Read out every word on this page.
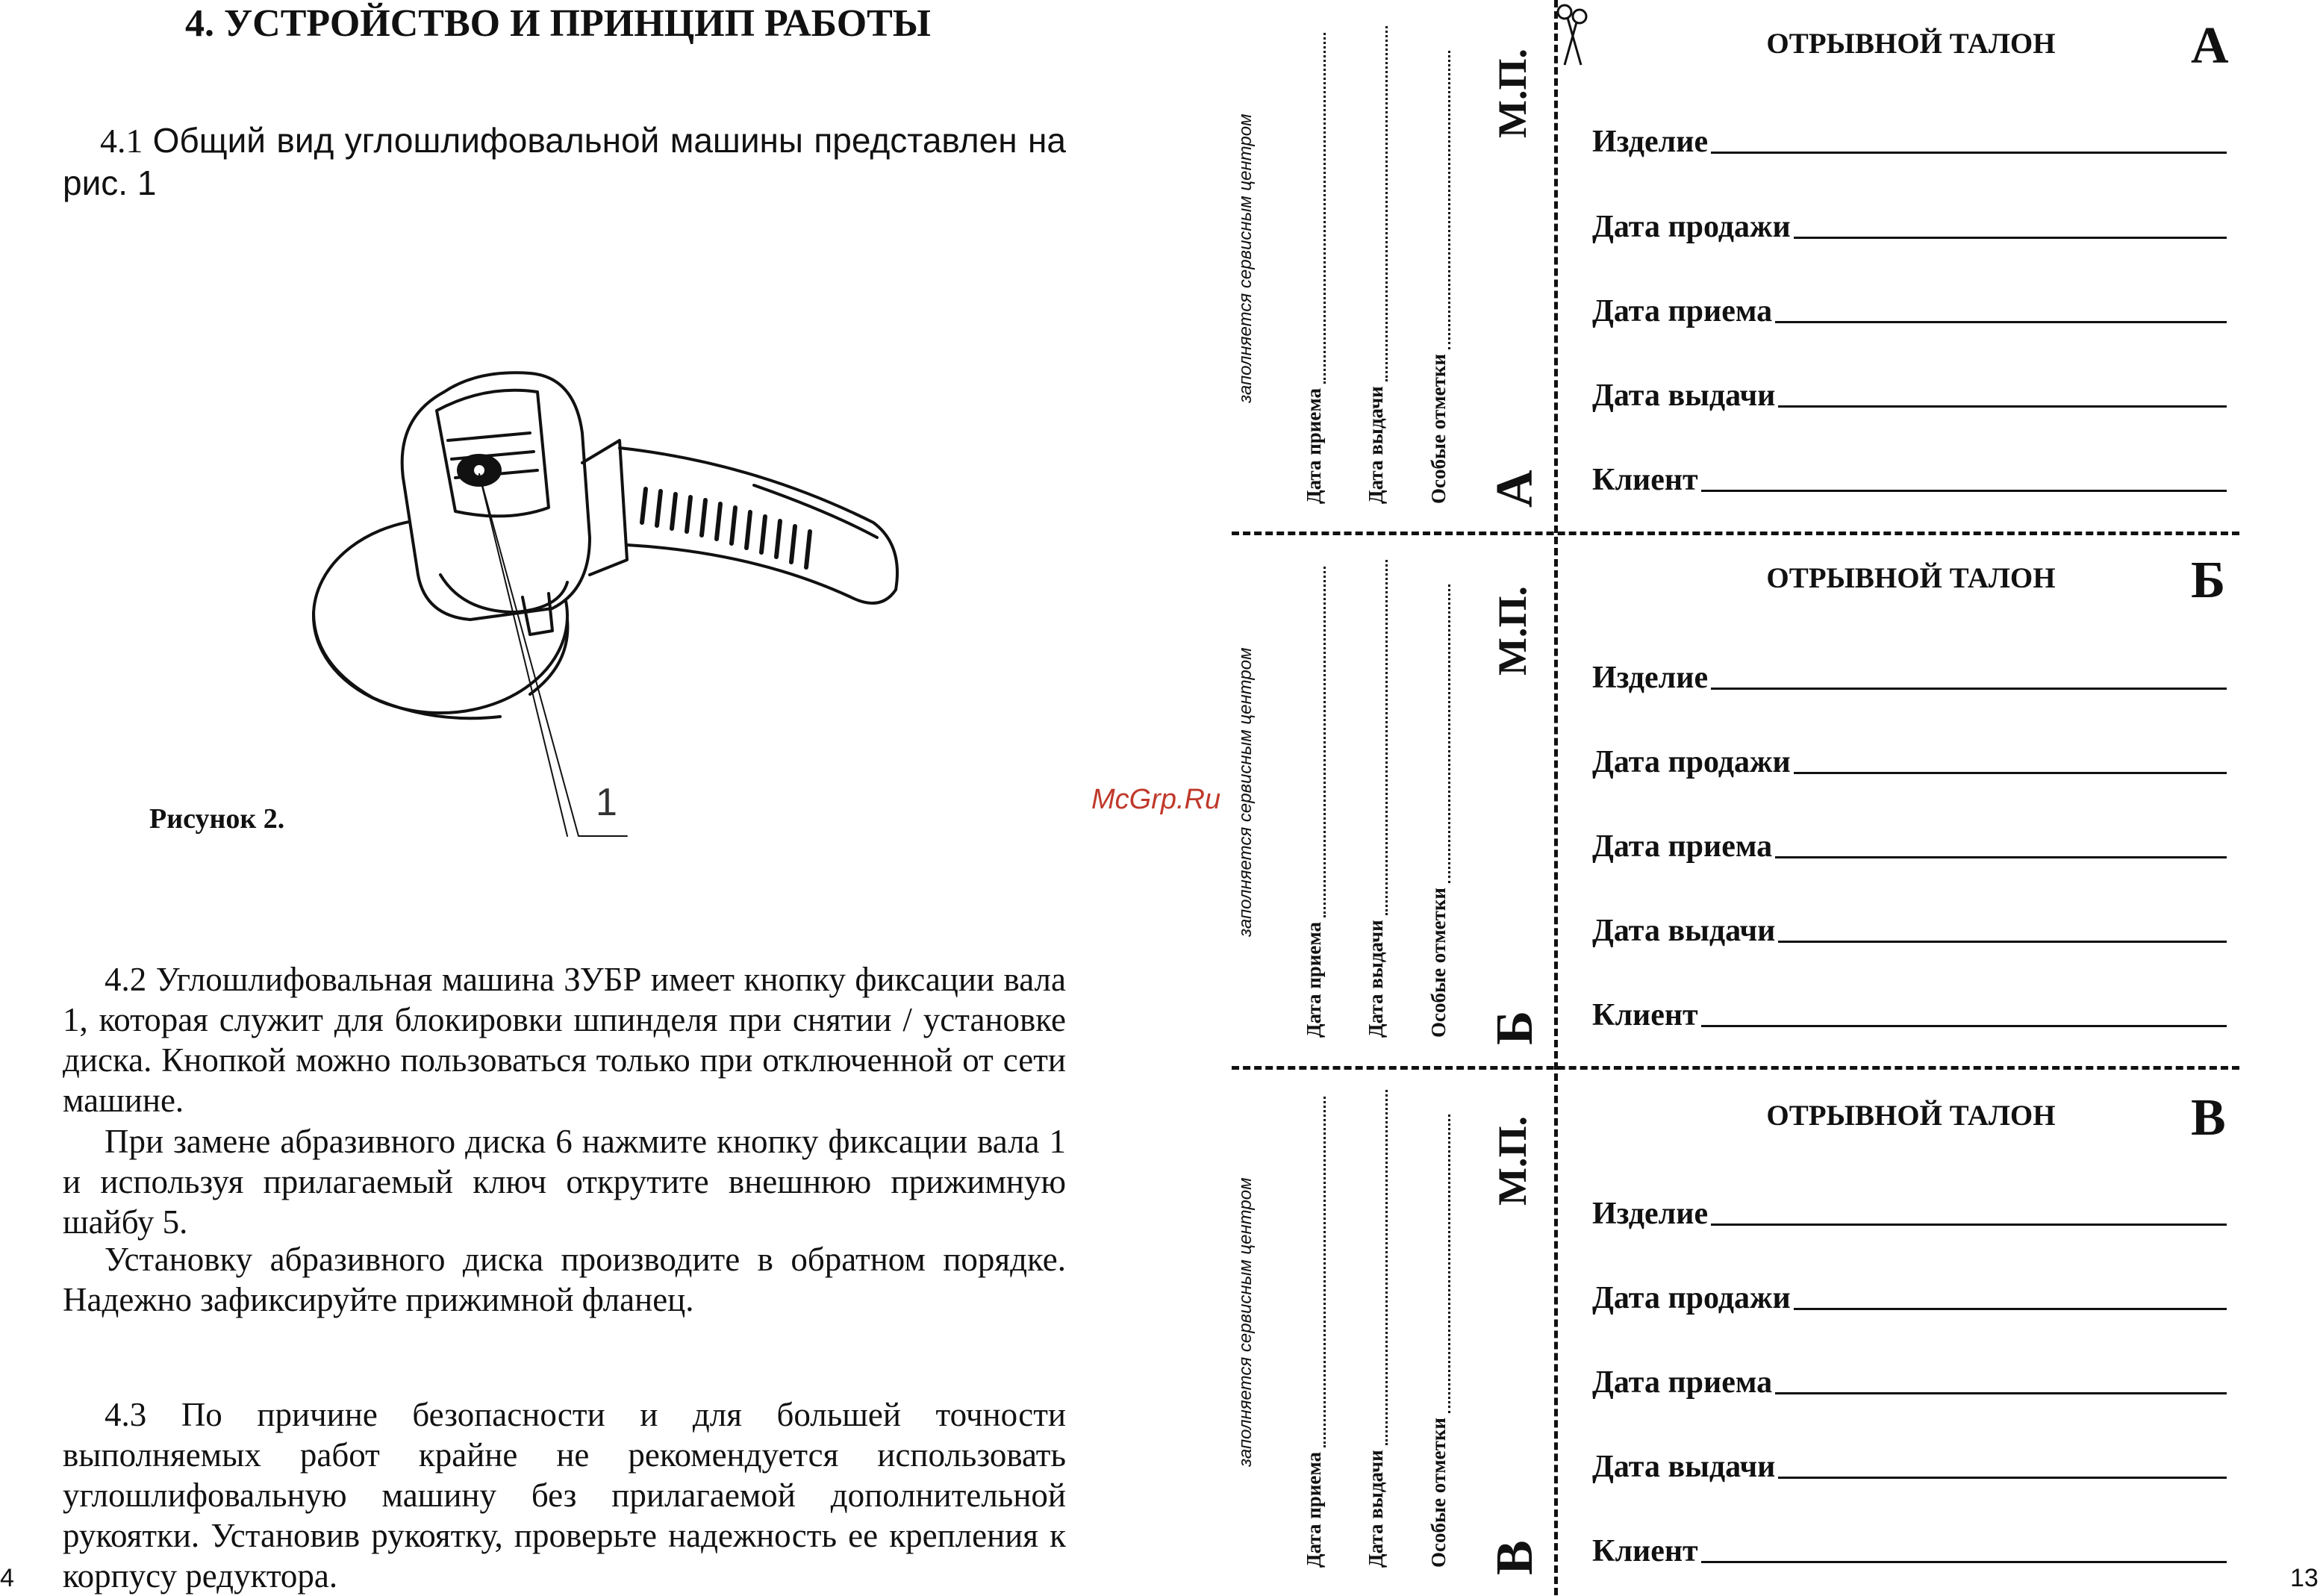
4. УСТРОЙСТВО И ПРИНЦИП РАБОТЫ
4.1 Общий вид углошлифовальной машины представлен на рис. 1
1
Рисунок 2.
4.2 Углошлифовальная машина ЗУБР имеет кнопку фиксации вала 1, которая служит для блокировки шпинделя при снятии / установке диска. Кнопкой можно пользоваться только при отключенной от сети машине.
При замене абразивного диска 6 нажмите кнопку фиксации вала 1 и используя прилагаемый ключ открутите внешнюю прижимную шайбу 5.
Установку абразивного диска производите в обратном порядке. Надежно зафиксируйте прижимной фланец.
4.3 По причине безопасности и для большей точности выполняемых работ крайне не рекомендуется использовать углошлифовальную машину без прилагаемой дополнительной рукоятки. Установив рукоятку, проверьте надежность ее крепления к корпусу редуктора.
4	13
McGrp.Ru
заполняется сервисным центром
Дата приема Дата выдачи Особые отметки
М.П.
А
заполняется сервисным центром
Дата приема Дата выдачи Особые отметки
М.П.
Б
заполняется сервисным центром
Дата приема Дата выдачи Особые отметки
М.П.
В
ОТРЫВНОЙ ТАЛОН	А
Изделие
Дата продажи
Дата приема
Дата выдачи
Клиент
ОТРЫВНОЙ ТАЛОН	Б
Изделие
Дата продажи
Дата приема
Дата выдачи
Клиент
ОТРЫВНОЙ ТАЛОН	В
Изделие
Дата продажи
Дата приема
Дата выдачи
Клиент
